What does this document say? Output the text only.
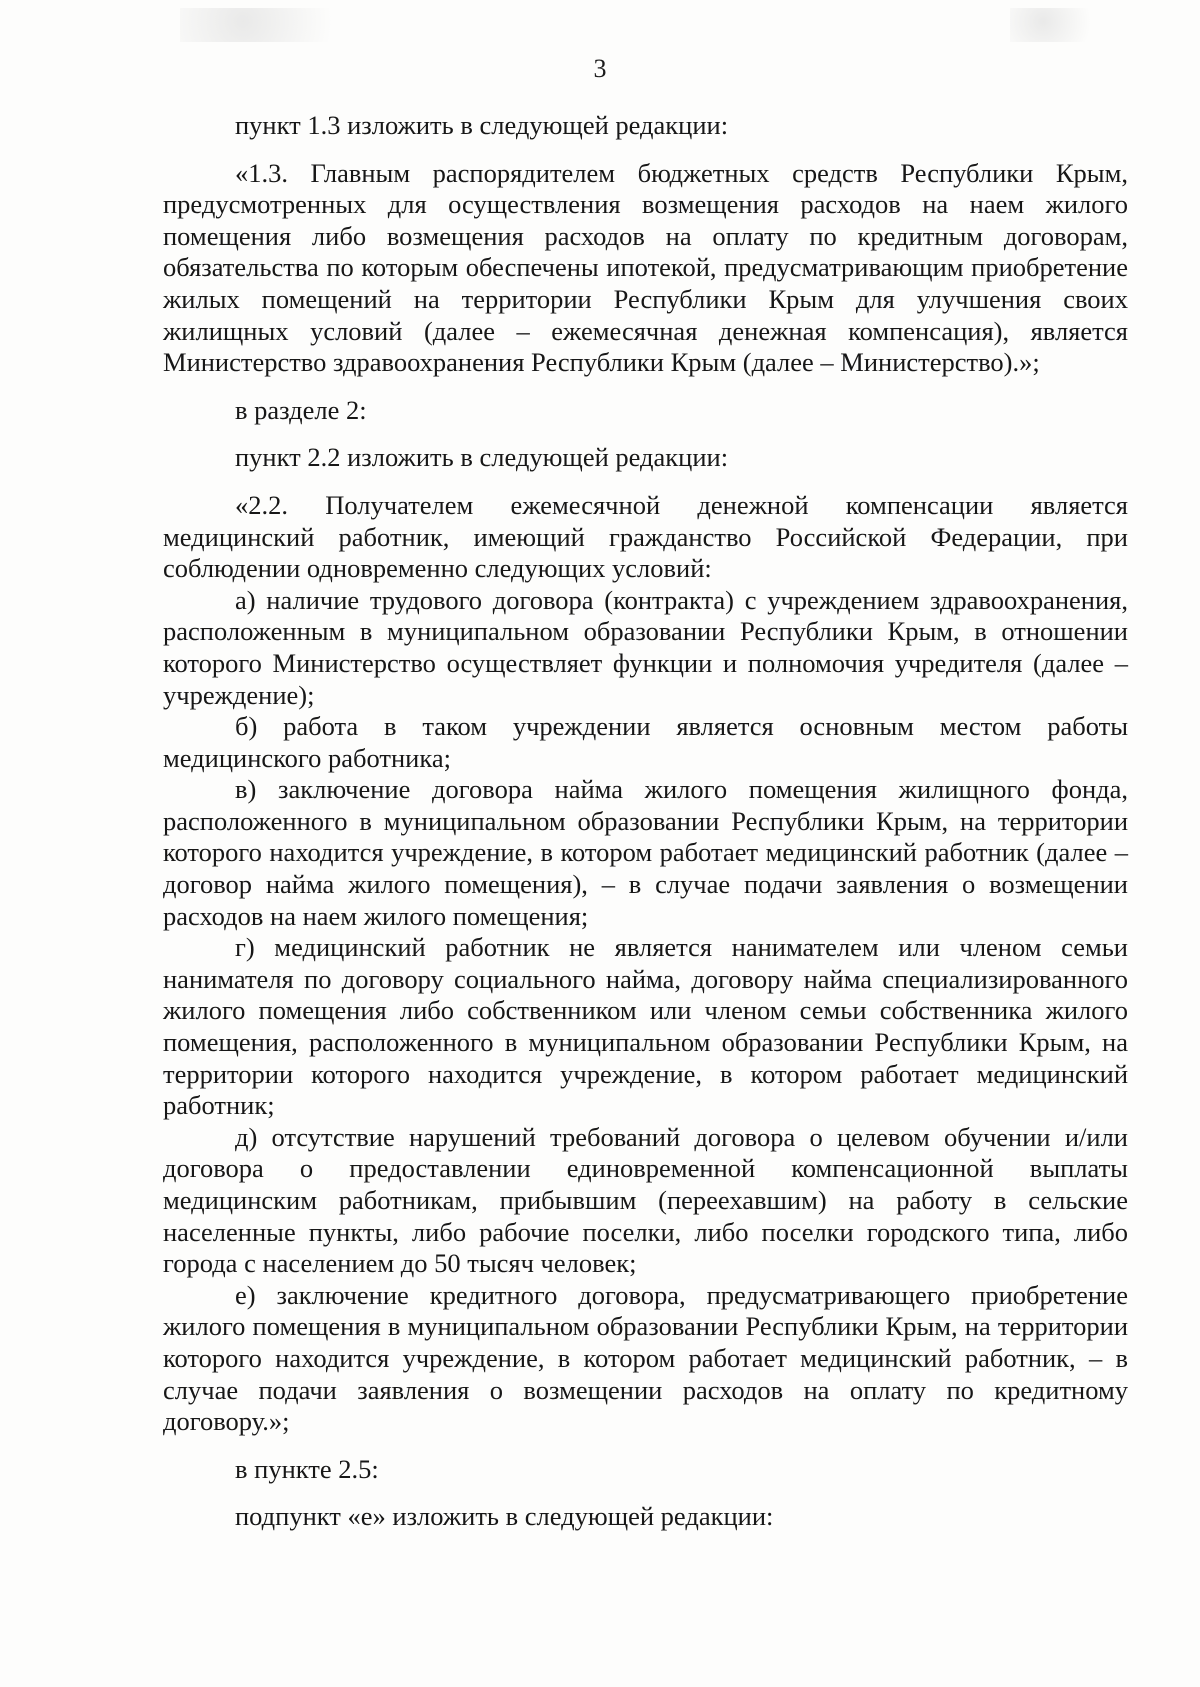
3

пункт 1.3 изложить в следующей редакции:

«1.3. Главным распорядителем бюджетных средств Республики Крым, предусмотренных для осуществления возмещения расходов на наем жилого помещения либо возмещения расходов на оплату по кредитным договорам, обязательства по которым обеспечены ипотекой, предусматривающим приобретение жилых помещений на территории Республики Крым для улучшения своих жилищных условий (далее – ежемесячная денежная компенсация), является Министерство здравоохранения Республики Крым (далее – Министерство).»;

в разделе 2:

пункт 2.2 изложить в следующей редакции:

«2.2. Получателем ежемесячной денежной компенсации является медицинский работник, имеющий гражданство Российской Федерации, при соблюдении одновременно следующих условий:

а) наличие трудового договора (контракта) с учреждением здравоохранения, расположенным в муниципальном образовании Республики Крым, в отношении которого Министерство осуществляет функции и полномочия учредителя (далее – учреждение);

б) работа в таком учреждении является основным местом работы медицинского работника;

в) заключение договора найма жилого помещения жилищного фонда, расположенного в муниципальном образовании Республики Крым, на территории которого находится учреждение, в котором работает медицинский работник (далее – договор найма жилого помещения), – в случае подачи заявления о возмещении расходов на наем жилого помещения;

г) медицинский работник не является нанимателем или членом семьи нанимателя по договору социального найма, договору найма специализированного жилого помещения либо собственником или членом семьи собственника жилого помещения, расположенного в муниципальном образовании Республики Крым, на территории которого находится учреждение, в котором работает медицинский работник;

д) отсутствие нарушений требований договора о целевом обучении и/или договора о предоставлении единовременной компенсационной выплаты медицинским работникам, прибывшим (переехавшим) на работу в сельские населенные пункты, либо рабочие поселки, либо поселки городского типа, либо города с населением до 50 тысяч человек;

е) заключение кредитного договора, предусматривающего приобретение жилого помещения в муниципальном образовании Республики Крым, на территории которого находится учреждение, в котором работает медицинский работник, – в случае подачи заявления о возмещении расходов на оплату по кредитному договору.»;

в пункте 2.5:

подпункт «е» изложить в следующей редакции:
